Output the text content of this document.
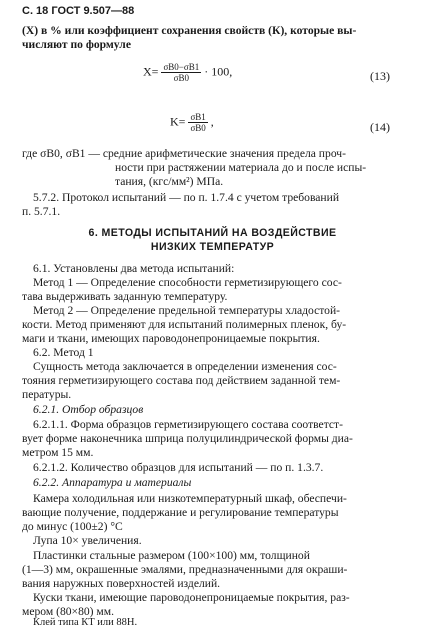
С. 18 ГОСТ 9.507—88
(X) в % или коэффициент сохранения свойств (К), которые вы-
числяют по формуле
$X= \frac{\sigma B0-\sigma B1}{\sigma B0} \cdot 100$,	(13)
$K= \frac{\sigma B1}{\sigma B0}$ ,	(14)
где σB0, σB1 — средние арифметические значения предела проч-
ности при растяжении материала до и после испы-
тания, (кгс/мм²) МПа.
5.7.2. Протокол испытаний — по п. 1.7.4 с учетом требований
п. 5.7.1.
6. МЕТОДЫ ИСПЫТАНИЙ НА ВОЗДЕЙСТВИЕ
НИЗКИХ ТЕМПЕРАТУР
6.1. Установлены два метода испытаний:
Метод 1 — Определение способности герметизирующего сос-
тава выдерживать заданную температуру.
Метод 2 — Определение предельной температуры хладостой-
кости. Метод применяют для испытаний полимерных пленок, бу-
маги и ткани, имеющих пароводонепроницаемые покрытия.
6.2. Метод 1
Сущность метода заключается в определении изменения сос-
тояния герметизирующего состава под действием заданной тем-
пературы.
6.2.1. Отбор образцов
6.2.1.1. Форма образцов герметизирующего состава соответст-
вует форме наконечника шприца полуцилиндрической формы диа-
метром 15 мм.
6.2.1.2. Количество образцов для испытаний — по п. 1.3.7.
6.2.2. Аппаратура и материалы
Камера холодильная или низкотемпературный шкаф, обеспечи-
вающие получение, поддержание и регулирование температуры
до минус (100±2) °С
Лупа 10× увеличения.
Пластинки стальные размером (100×100) мм, толщиной
(1—3) мм, окрашенные эмалями, предназначенными для окраши-
вания наружных поверхностей изделий.
Куски ткани, имеющие пароводонепроницаемые покрытия, раз-
мером (80×80) мм.
Клей типа КТ или 88Н.
